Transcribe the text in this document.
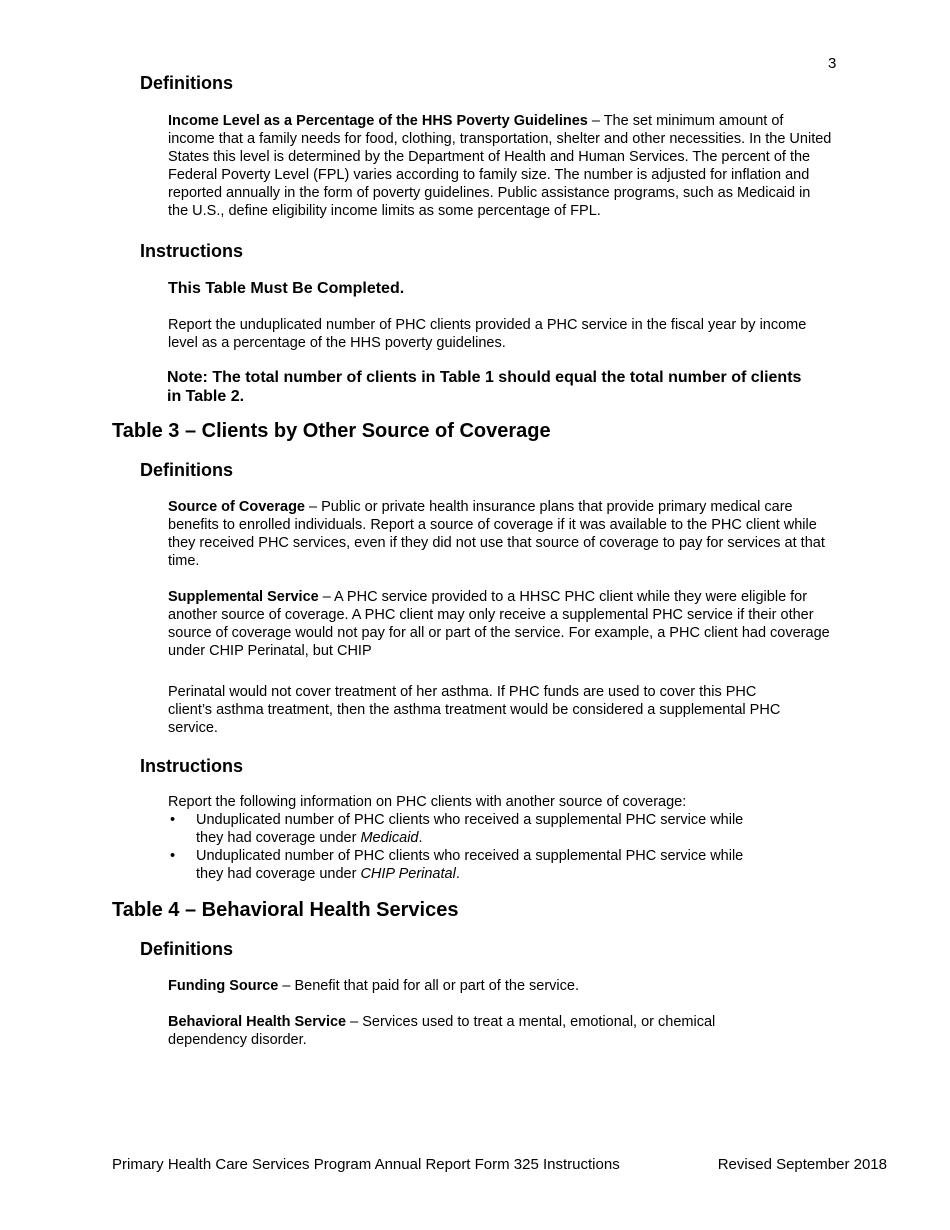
3
Definitions

Income Level as a Percentage of the HHS Poverty Guidelines – The set minimum amount of income that a family needs for food, clothing, transportation, shelter and other necessities. In the United States this level is determined by the Department of Health and Human Services. The percent of the Federal Poverty Level (FPL) varies according to family size. The number is adjusted for inflation and reported annually in the form of poverty guidelines. Public assistance programs, such as Medicaid in the U.S., define eligibility income limits as some percentage of FPL.

Instructions
This Table Must Be Completed.

Report the unduplicated number of PHC clients provided a PHC service in the fiscal year by income level as a percentage of the HHS poverty guidelines.

Note: The total number of clients in Table 1 should equal the total number of clients in Table 2.
Table 3 – Clients by Other Source of Coverage
Definitions

Source of Coverage – Public or private health insurance plans that provide primary medical care benefits to enrolled individuals. Report a source of coverage if it was available to the PHC client while they received PHC services, even if they did not use that source of coverage to pay for services at that time.

Supplemental Service – A PHC service provided to a HHSC PHC client while they were eligible for another source of coverage. A PHC client may only receive a supplemental PHC service if their other source of coverage would not pay for all or part of the service. For example, a PHC client had coverage under CHIP Perinatal, but CHIP

Perinatal would not cover treatment of her asthma. If PHC funds are used to cover this PHC client’s asthma treatment, then the asthma treatment would be considered a supplemental PHC service.

Instructions

Report the following information on PHC clients with another source of coverage:

• Unduplicated number of PHC clients who received a supplemental PHC service while they had coverage under Medicaid.
• Unduplicated number of PHC clients who received a supplemental PHC service while they had coverage under CHIP Perinatal.
Table 4 – Behavioral Health Services
Definitions

Funding Source – Benefit that paid for all or part of the service.

Behavioral Health Service – Services used to treat a mental, emotional, or chemical dependency disorder.

Primary Health Care Services Program Annual Report Form 325 Instructions	Revised September 2018
